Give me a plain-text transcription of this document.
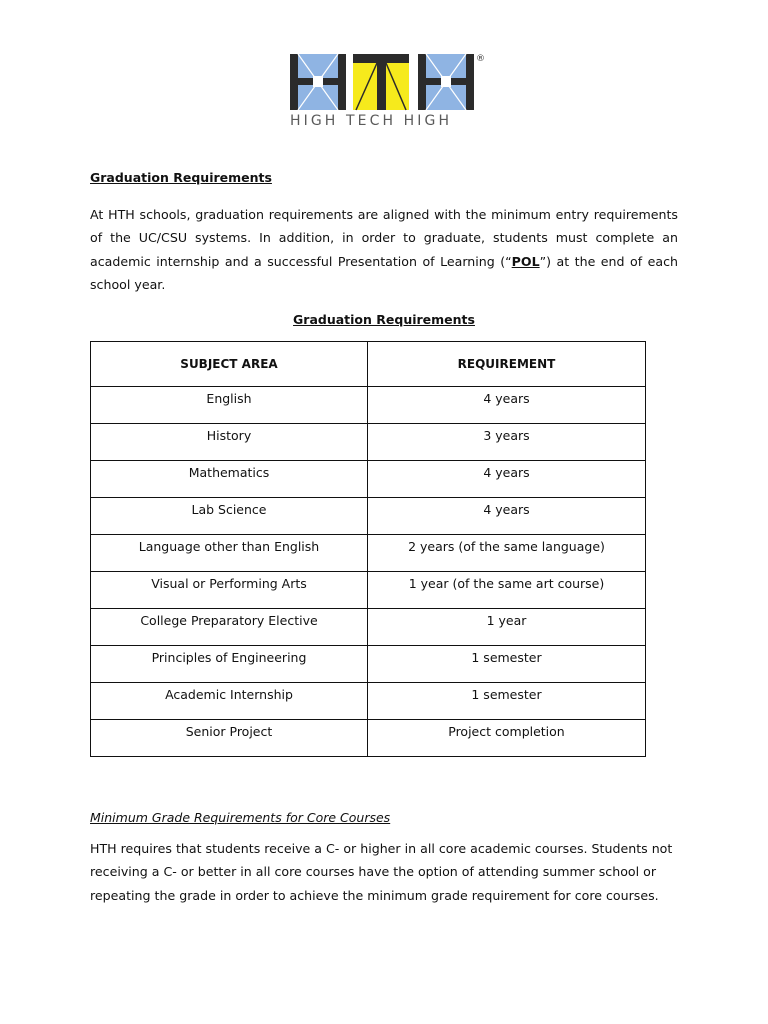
®
HIGH TECH HIGH
Graduation Requirements

At HTH schools, graduation requirements are aligned with the minimum entry requirements of the UC/CSU systems. In addition, in order to graduate, students must complete an academic internship and a successful Presentation of Learning (“POL”) at the end of each school year.

Graduation Requirements
SUBJECT AREA	REQUIREMENT
English	4 years
History	3 years
Mathematics	4 years
Lab Science	4 years
Language other than English	2 years (of the same language)
Visual or Performing Arts	1 year (of the same art course)
College Preparatory Elective	1 year
Principles of Engineering	1 semester
Academic Internship	1 semester
Senior Project	Project completion
Minimum Grade Requirements for Core Courses

HTH requires that students receive a C- or higher in all core academic courses. Students not receiving a C- or better in all core courses have the option of attending summer school or repeating the grade in order to achieve the minimum grade requirement for core courses.
